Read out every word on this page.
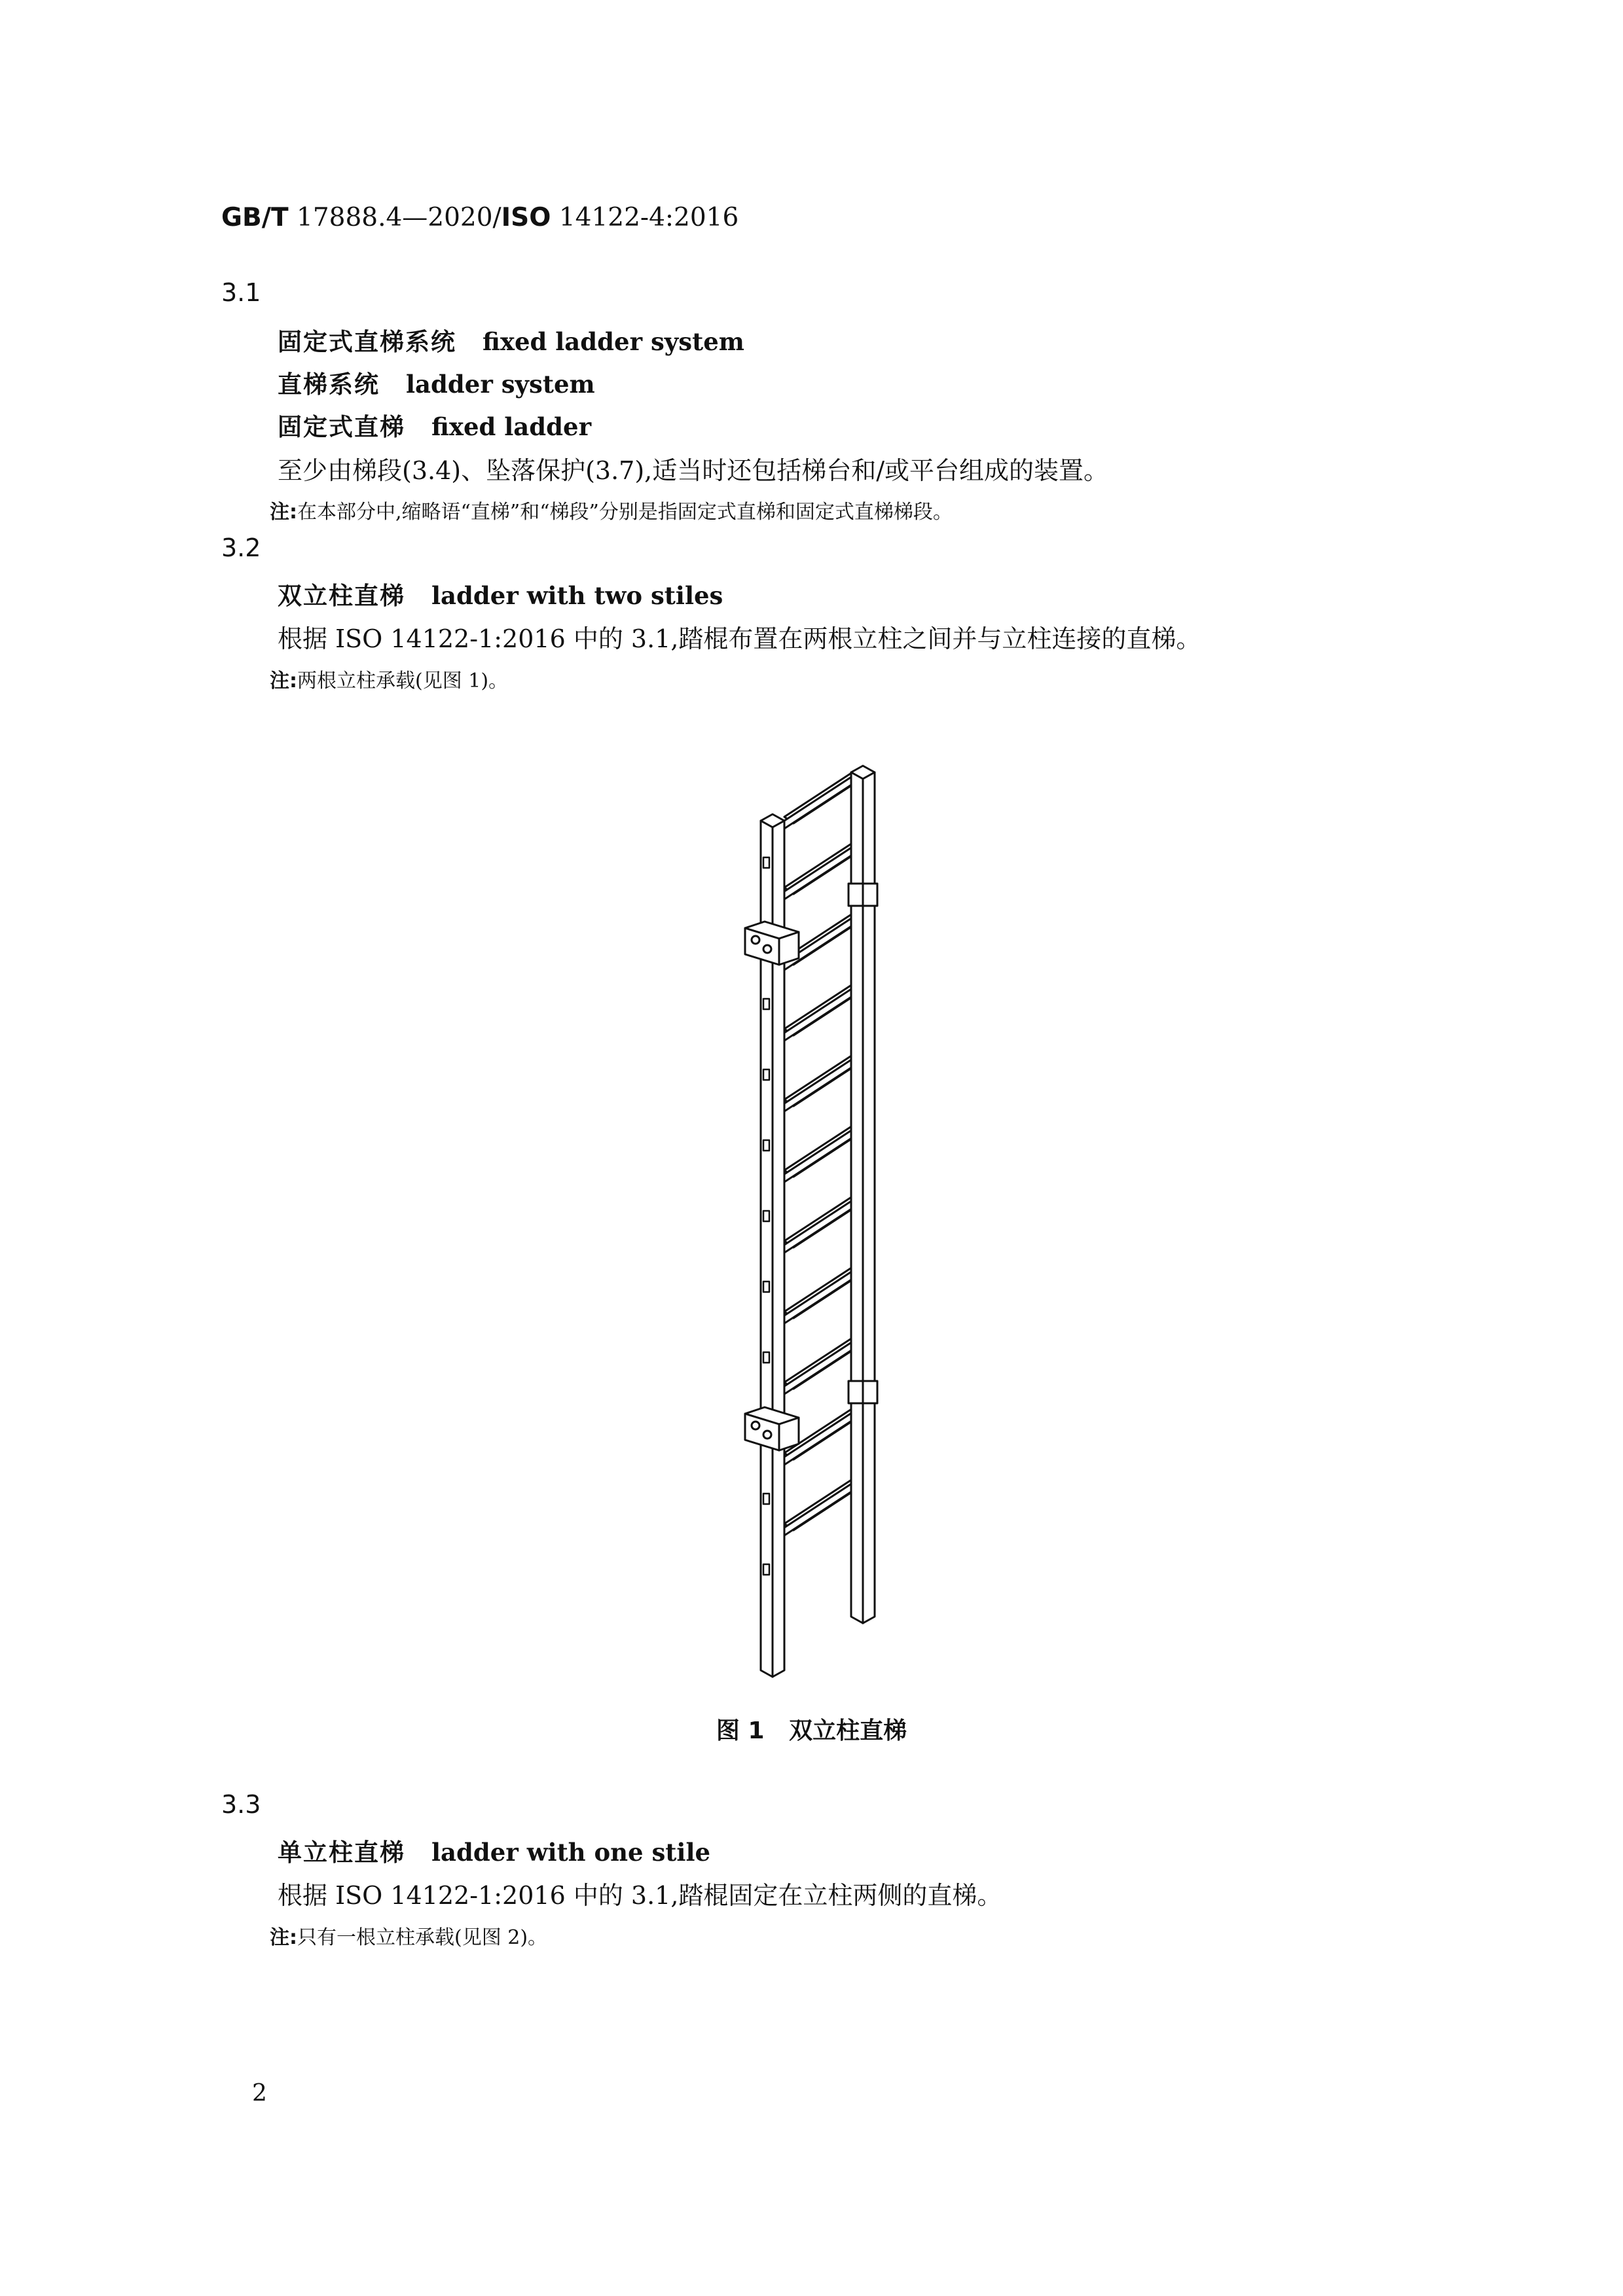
GB/T 17888.4—2020/ISO 14122-4:2016
3.1
固定式直梯系统 fixed ladder system
直梯系统 ladder system
固定式直梯 fixed ladder
至少由梯段(3.4)、坠落保护(3.7),适当时还包括梯台和/或平台组成的装置。
注:在本部分中,缩略语“直梯”和“梯段”分别是指固定式直梯和固定式直梯梯段。
3.2
双立柱直梯 ladder with two stiles
根据 ISO 14122-1:2016 中的 3.1,踏棍布置在两根立柱之间并与立柱连接的直梯。
注:两根立柱承载(见图 1)。
图 1   双立柱直梯
3.3
单立柱直梯 ladder with one stile
根据 ISO 14122-1:2016 中的 3.1,踏棍固定在立柱两侧的直梯。
注:只有一根立柱承载(见图 2)。
2
